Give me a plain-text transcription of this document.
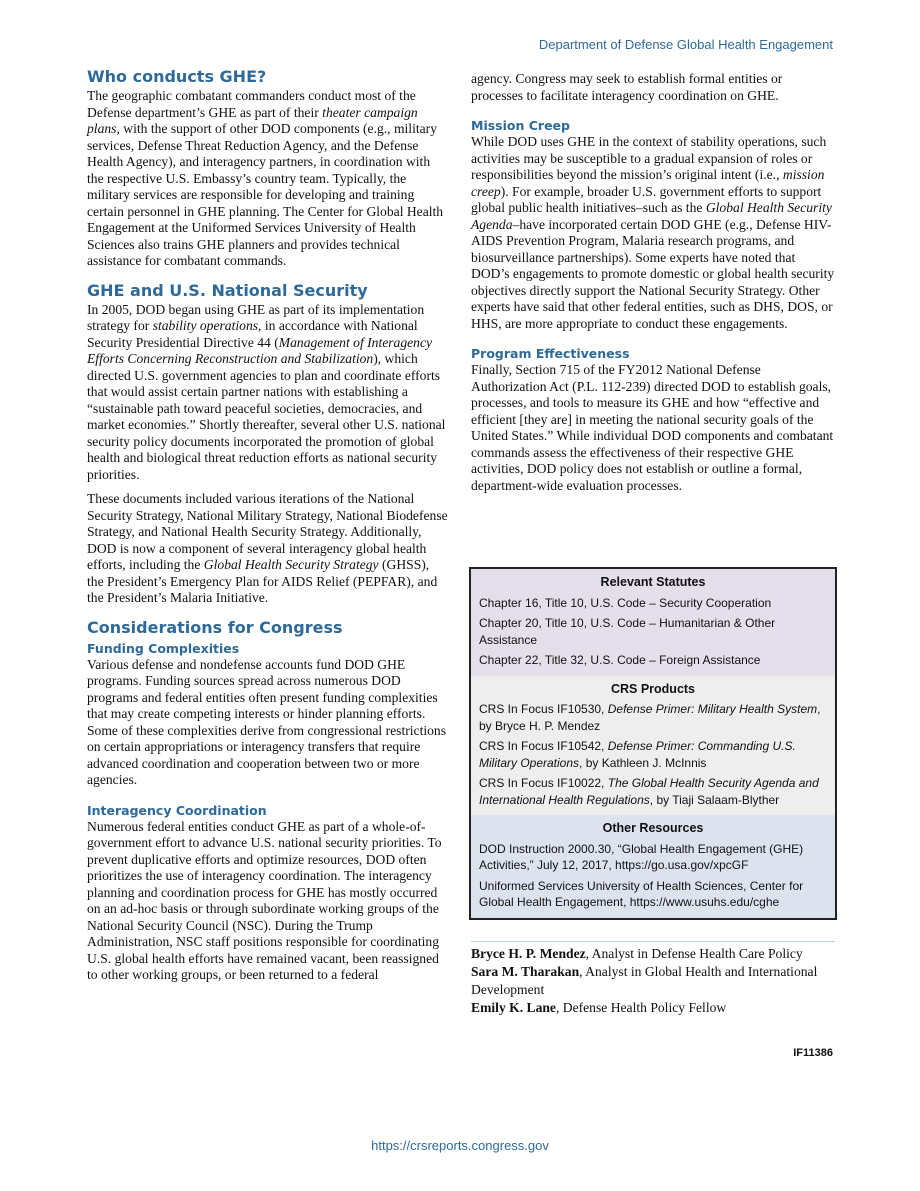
Department of Defense Global Health Engagement
Who conducts GHE?

The geographic combatant commanders conduct most of the Defense department’s GHE as part of their theater campaign plans, with the support of other DOD components (e.g., military services, Defense Threat Reduction Agency, and the Defense Health Agency), and interagency partners, in coordination with the respective U.S. Embassy’s country team. Typically, the military services are responsible for developing and training certain personnel in GHE planning. The Center for Global Health Engagement at the Uniformed Services University of Health Sciences also trains GHE planners and provides technical assistance for combatant commands.

GHE and U.S. National Security

In 2005, DOD began using GHE as part of its implementation strategy for stability operations, in accordance with National Security Presidential Directive 44 (Management of Interagency Efforts Concerning Reconstruction and Stabilization), which directed U.S. government agencies to plan and coordinate efforts that would assist certain partner nations with establishing a “sustainable path toward peaceful societies, democracies, and market economies.” Shortly thereafter, several other U.S. national security policy documents incorporated the promotion of global health and biological threat reduction efforts as national security priorities.

These documents included various iterations of the National Security Strategy, National Military Strategy, National Biodefense Strategy, and National Health Security Strategy. Additionally, DOD is now a component of several interagency global health efforts, including the Global Health Security Strategy (GHSS), the President’s Emergency Plan for AIDS Relief (PEPFAR), and the President’s Malaria Initiative.

Considerations for Congress
Funding Complexities

Various defense and nondefense accounts fund DOD GHE programs. Funding sources spread across numerous DOD programs and federal entities often present funding complexities that may create competing interests or hinder planning efforts. Some of these complexities derive from congressional restrictions on certain appropriations or interagency transfers that require advanced coordination and cooperation between two or more agencies.

Interagency Coordination

Numerous federal entities conduct GHE as part of a whole-of-government effort to advance U.S. national security priorities. To prevent duplicative efforts and optimize resources, DOD often prioritizes the use of interagency coordination. The interagency planning and coordination process for GHE has mostly occurred on an ad-hoc basis or through subordinate working groups of the National Security Council (NSC). During the Trump Administration, NSC staff positions responsible for coordinating U.S. global health efforts have remained vacant, been reassigned to other working groups, or been returned to a federal

agency. Congress may seek to establish formal entities or processes to facilitate interagency coordination on GHE.

Mission Creep

While DOD uses GHE in the context of stability operations, such activities may be susceptible to a gradual expansion of roles or responsibilities beyond the mission’s original intent (i.e., mission creep). For example, broader U.S. government efforts to support global public health initiatives–such as the Global Health Security Agenda–have incorporated certain DOD GHE (e.g., Defense HIV-AIDS Prevention Program, Malaria research programs, and biosurveillance partnerships). Some experts have noted that DOD’s engagements to promote domestic or global health security objectives directly support the National Security Strategy. Other experts have said that other federal entities, such as DHS, DOS, or HHS, are more appropriate to conduct these engagements.

Program Effectiveness

Finally, Section 715 of the FY2012 National Defense Authorization Act (P.L. 112-239) directed DOD to establish goals, processes, and tools to measure its GHE and how “effective and efficient [they are] in meeting the national security goals of the United States.” While individual DOD components and combatant commands assess the effectiveness of their respective GHE activities, DOD policy does not establish or outline a formal, department-wide evaluation processes.

Relevant Statutes
Chapter 16, Title 10, U.S. Code – Security Cooperation
Chapter 20, Title 10, U.S. Code – Humanitarian & Other Assistance
Chapter 22, Title 32, U.S. Code – Foreign Assistance
CRS Products
CRS In Focus IF10530, Defense Primer: Military Health System, by Bryce H. P. Mendez
CRS In Focus IF10542, Defense Primer: Commanding U.S. Military Operations, by Kathleen J. McInnis
CRS In Focus IF10022, The Global Health Security Agenda and International Health Regulations, by Tiaji Salaam-Blyther
Other Resources
DOD Instruction 2000.30, “Global Health Engagement (GHE) Activities,” July 12, 2017, https://go.usa.gov/xpcGF
Uniformed Services University of Health Sciences, Center for Global Health Engagement, https://www.usuhs.edu/cghe
Bryce H. P. Mendez, Analyst in Defense Health Care Policy
Sara M. Tharakan, Analyst in Global Health and International Development
Emily K. Lane, Defense Health Policy Fellow
IF11386
https://crsreports.congress.gov
